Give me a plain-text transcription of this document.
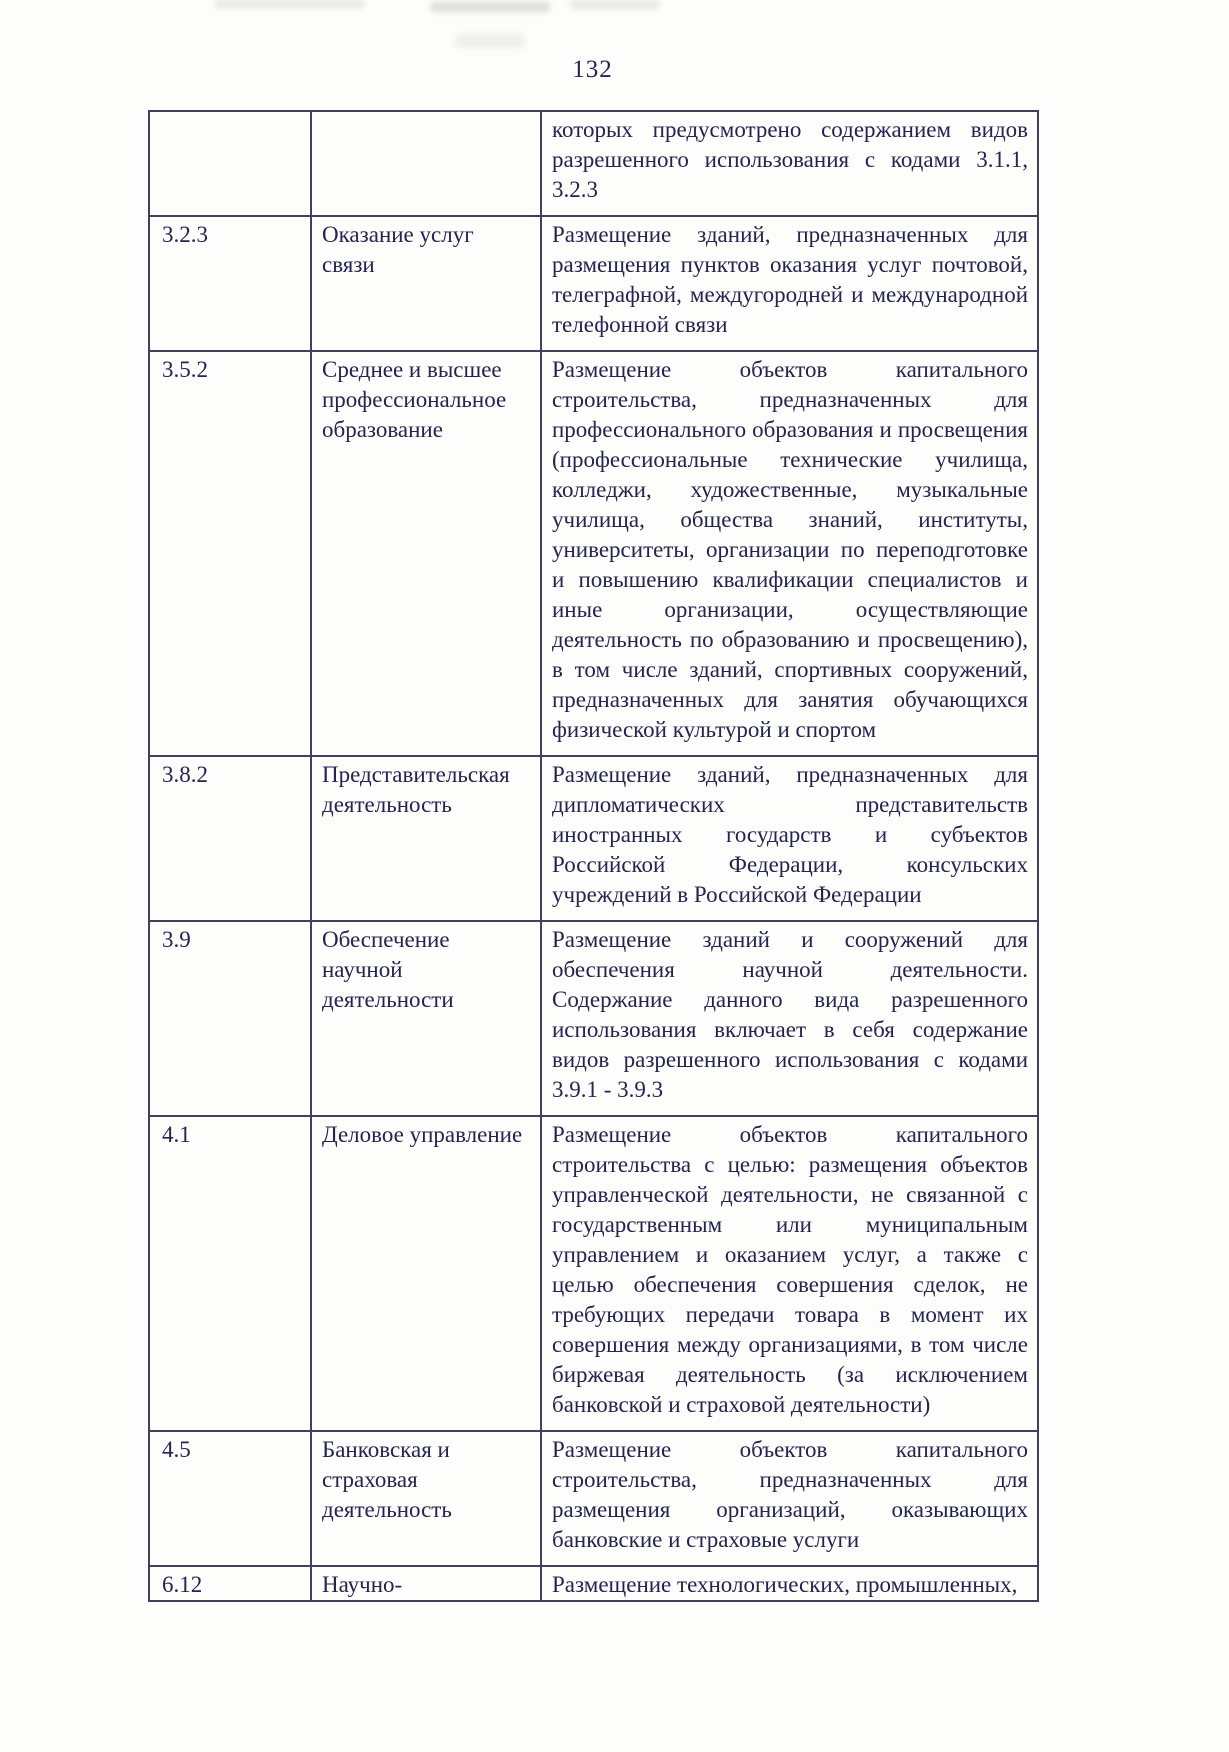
132
		которых предусмотрено содержанием видов разрешенного использования с кодами 3.1.1, 3.2.3
3.2.3	Оказание услуг связи	Размещение зданий, предназначенных для размещения пунктов оказания услуг почтовой, телеграфной, междугородней и международной телефонной связи
3.5.2	Среднее и высшее профессиональное образование	Размещение объектов капитального строительства, предназначенных для профессионального образования и просвещения (профессиональные технические училища, колледжи, художественные, музыкальные училища, общества знаний, институты, университеты, организации по переподготовке и повышению квалификации специалистов и иные организации, осуществляющие деятельность по образованию и просвещению), в том числе зданий, спортивных сооружений, предназначенных для занятия обучающихся физической культурой и спортом
3.8.2	Представительская деятельность	Размещение зданий, предназначенных для дипломатических представительств иностранных государств и субъектов Российской Федерации, консульских учреждений в Российской Федерации
3.9	Обеспечение научной деятельности	Размещение зданий и сооружений для обеспечения научной деятельности. Содержание данного вида разрешенного использования включает в себя содержание видов разрешенного использования с кодами 3.9.1 - 3.9.3
4.1	Деловое управление	Размещение объектов капитального строительства с целью: размещения объектов управленческой деятельности, не связанной с государственным или муниципальным управлением и оказанием услуг, а также с целью обеспечения совершения сделок, не требующих передачи товара в момент их совершения между организациями, в том числе биржевая деятельность (за исключением банковской и страховой деятельности)
4.5	Банковская и страховая деятельность	Размещение объектов капитального строительства, предназначенных для размещения организаций, оказывающих банковские и страховые услуги
6.12	Научно-	Размещение технологических, промышленных,
